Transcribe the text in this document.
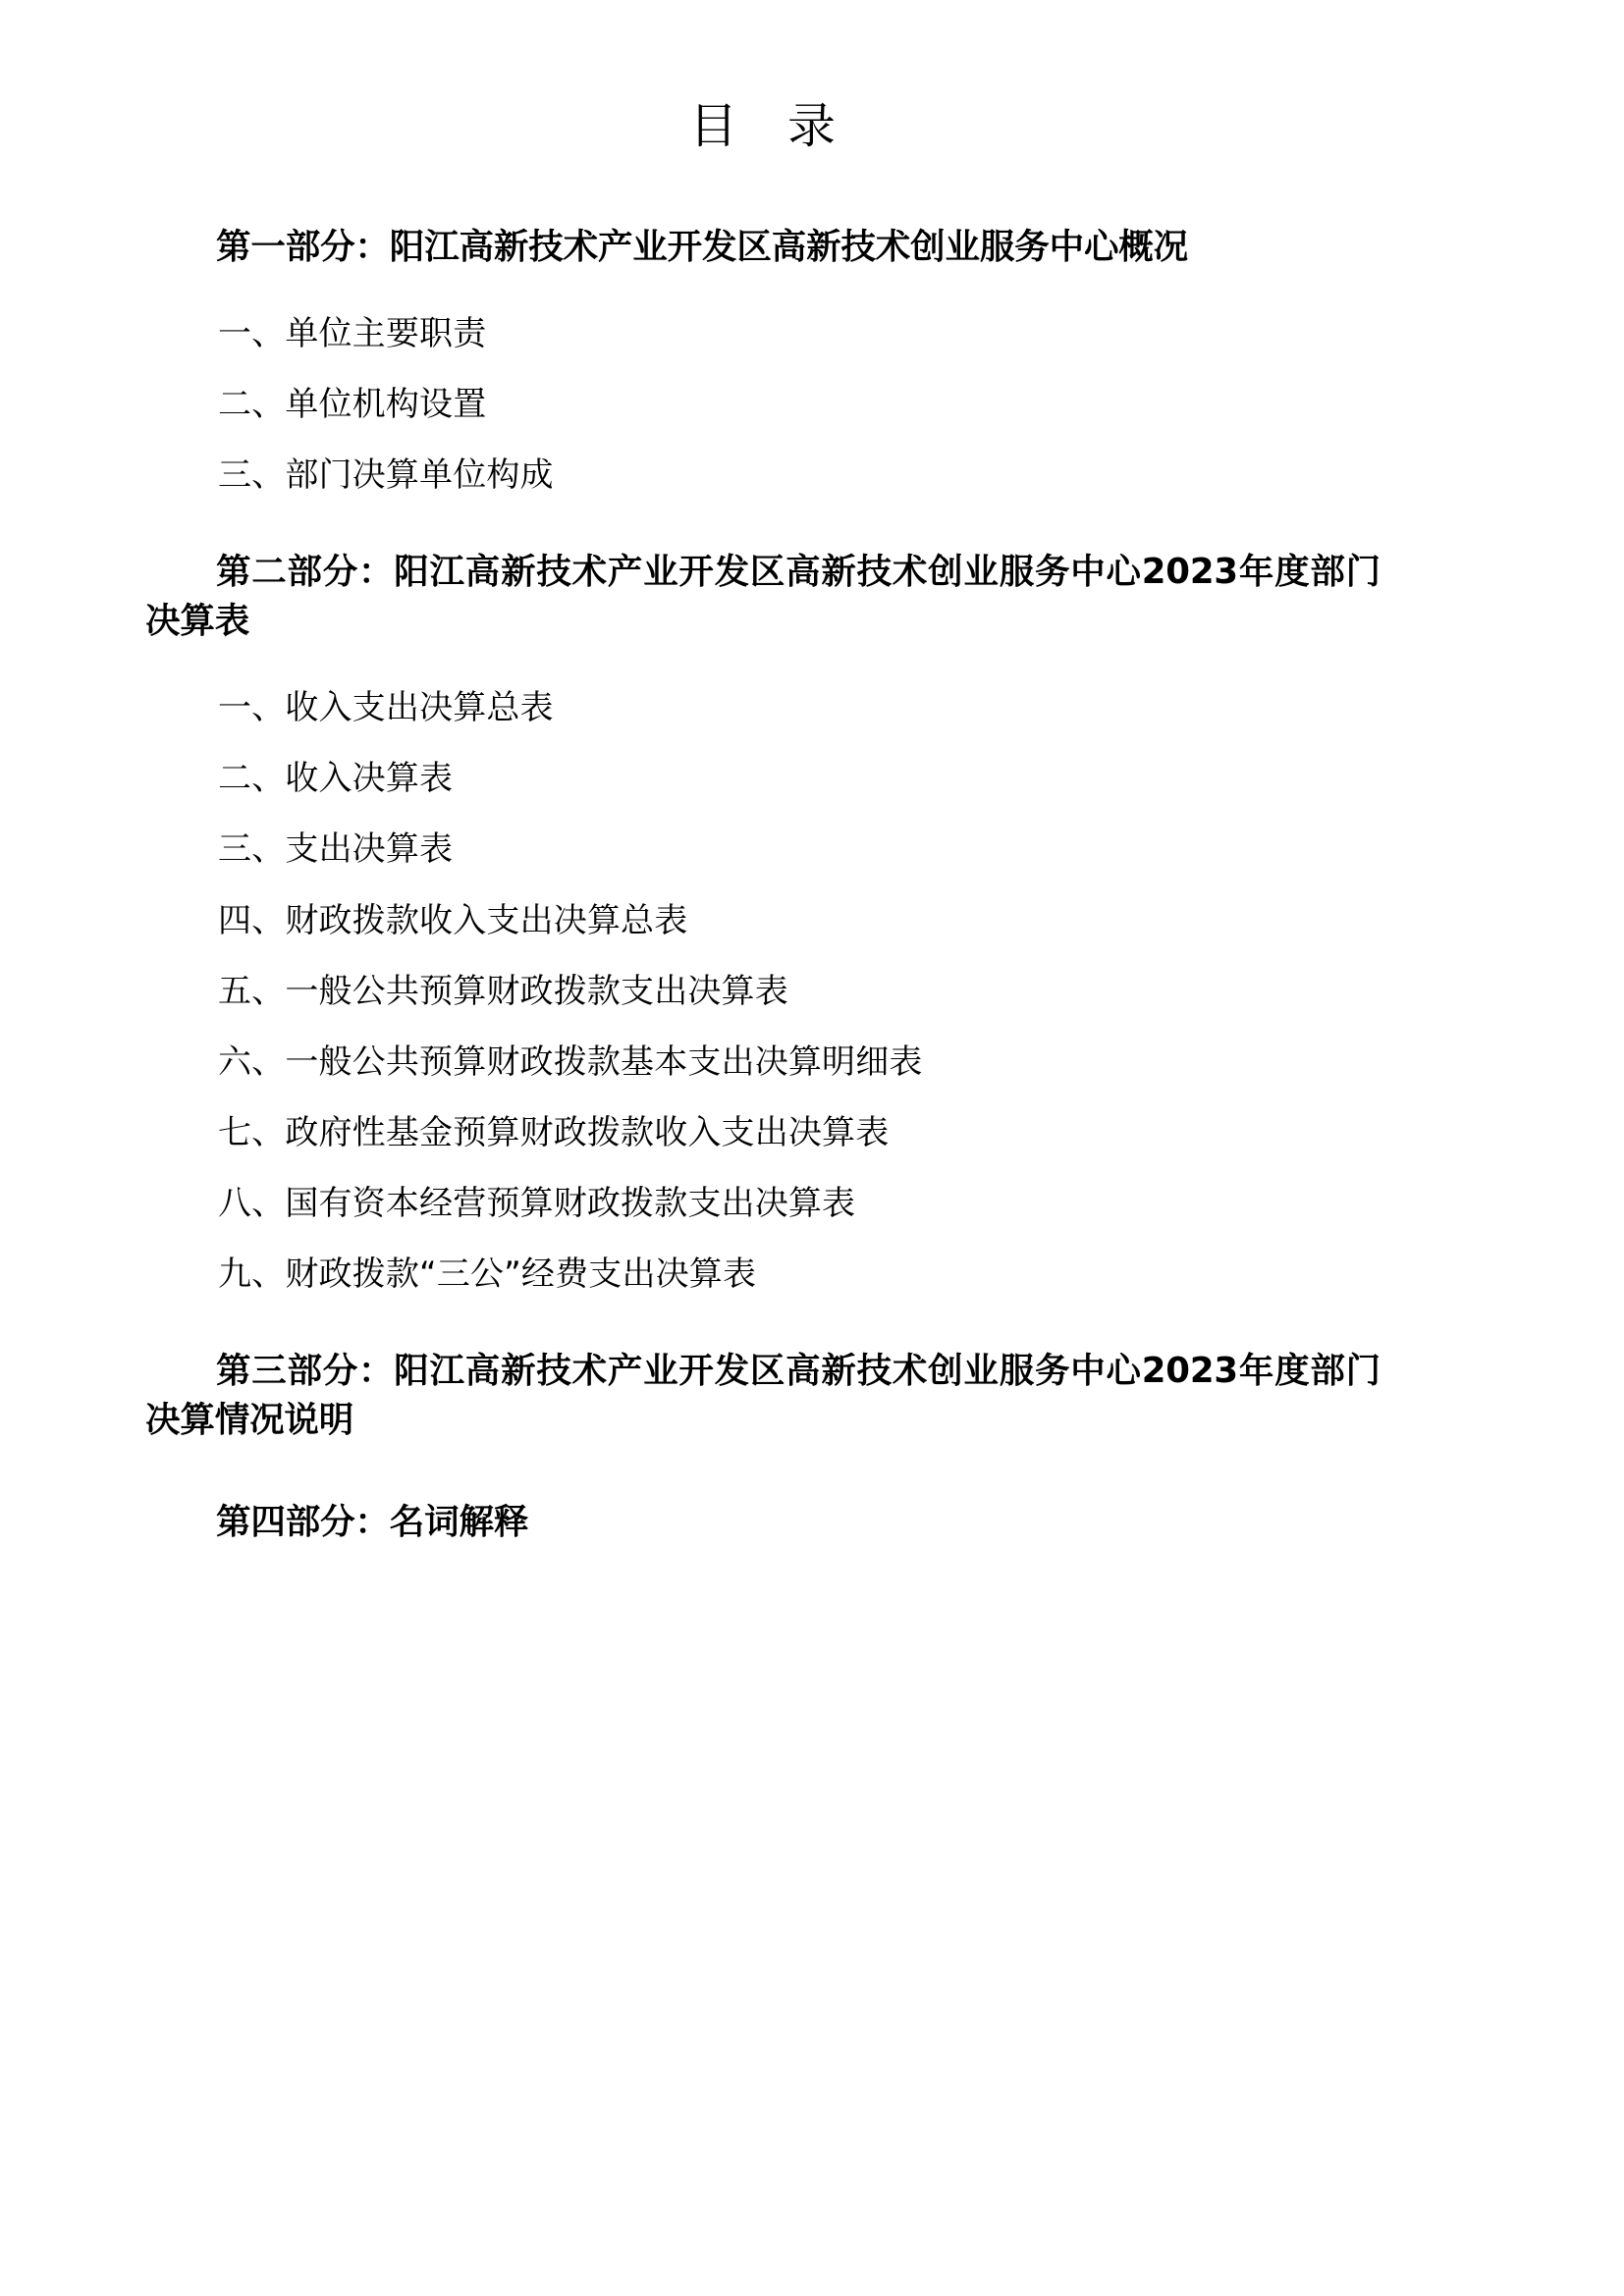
目　录

第一部分：阳江高新技术产业开发区高新技术创业服务中心概况

一、单位主要职责

二、单位机构设置

三、部门决算单位构成

第二部分：阳江高新技术产业开发区高新技术创业服务中心2023年度部门决算表

一、收入支出决算总表

二、收入决算表

三、支出决算表

四、财政拨款收入支出决算总表

五、一般公共预算财政拨款支出决算表

六、一般公共预算财政拨款基本支出决算明细表

七、政府性基金预算财政拨款收入支出决算表

八、国有资本经营预算财政拨款支出决算表

九、财政拨款“三公”经费支出决算表

第三部分：阳江高新技术产业开发区高新技术创业服务中心2023年度部门决算情况说明

第四部分：名词解释
